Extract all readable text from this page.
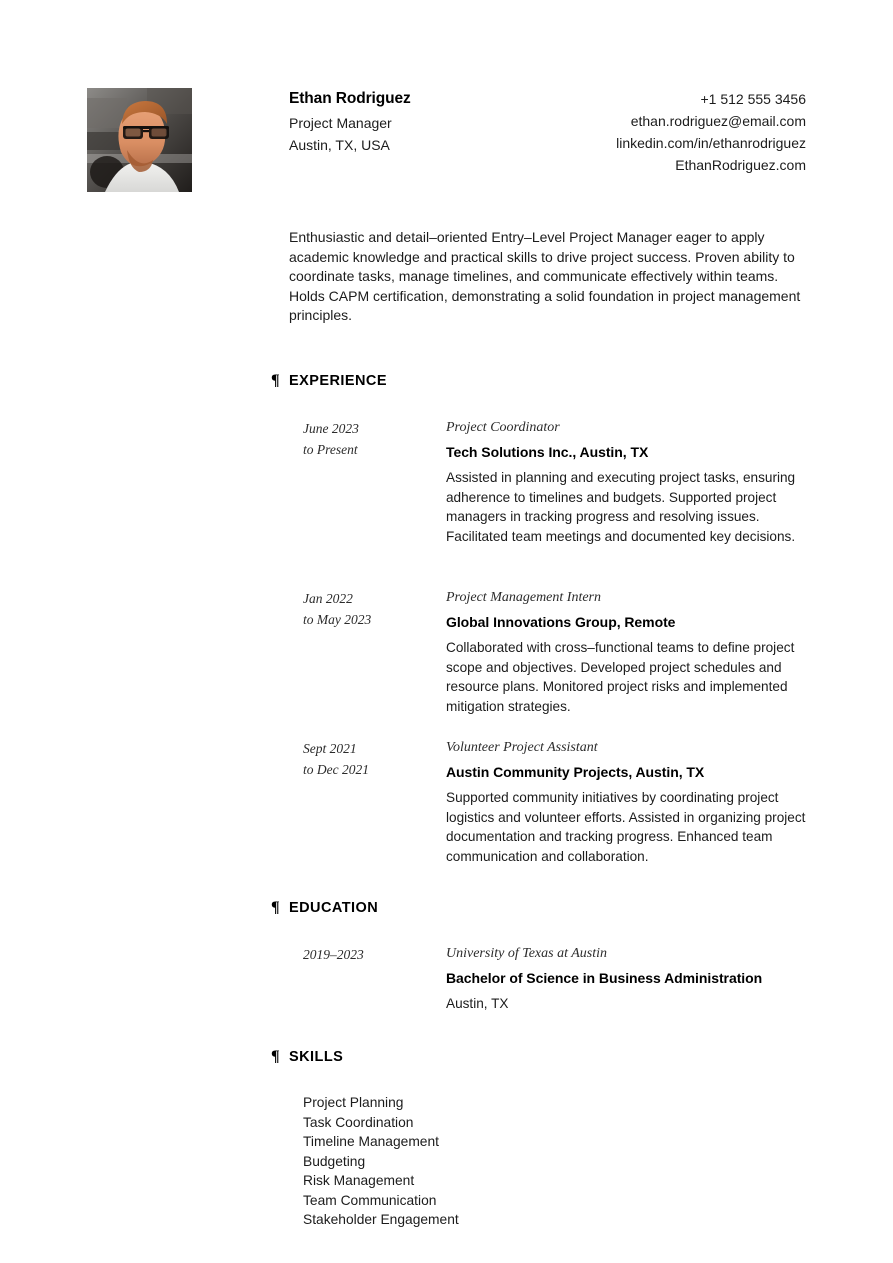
Ethan Rodriguez

Project Manager

Austin, TX, USA

+1 512 555 3456
ethan.rodriguez@email.com
linkedin.com/in/ethanrodriguez
EthanRodriguez.com

Enthusiastic and detail–oriented Entry–Level Project Manager eager to apply academic knowledge and practical skills to drive project success. Proven ability to coordinate tasks, manage timelines, and communicate effectively within teams. Holds CAPM certification, demonstrating a solid foundation in project management principles.

¶ EXPERIENCE
June 2023
to Present

Project Coordinator

Tech Solutions Inc., Austin, TX

Assisted in planning and executing project tasks, ensuring adherence to timelines and budgets. Supported project managers in tracking progress and resolving issues. Facilitated team meetings and documented key decisions.

Jan 2022
to May 2023

Project Management Intern

Global Innovations Group, Remote

Collaborated with cross–functional teams to define project scope and objectives. Developed project schedules and resource plans. Monitored project risks and implemented mitigation strategies.

Sept 2021
to Dec 2021

Volunteer Project Assistant

Austin Community Projects, Austin, TX

Supported community initiatives by coordinating project logistics and volunteer efforts. Assisted in organizing project documentation and tracking progress. Enhanced team communication and collaboration.

¶ EDUCATION
2019–2023	University of Texas at Austin

Bachelor of Science in Business Administration

Austin, TX

¶ SKILLS
Project Planning
Task Coordination
Timeline Management
Budgeting
Risk Management
Team Communication
Stakeholder Engagement
